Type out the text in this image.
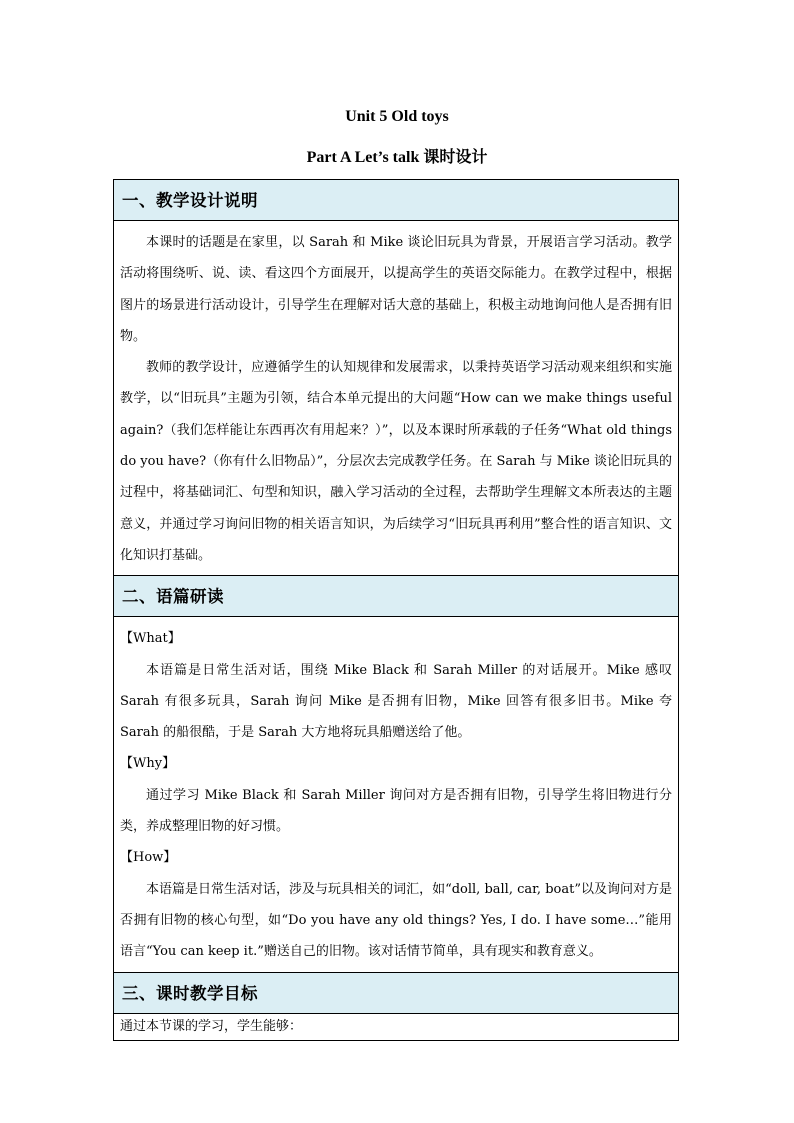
Unit 5 Old toys
Part A Let’s talk 课时设计
一、教学设计说明

本课时的话题是在家里，以 Sarah 和 Mike 谈论旧玩具为背景，开展语言学习活动。教学活动将围绕听、说、读、看这四个方面展开，以提高学生的英语交际能力。在教学过程中，根据图片的场景进行活动设计，引导学生在理解对话大意的基础上，积极主动地询问他人是否拥有旧物。

教师的教学设计，应遵循学生的认知规律和发展需求，以秉持英语学习活动观来组织和实施教学，以“旧玩具”主题为引领，结合本单元提出的大问题“How can we make things useful again?（我们怎样能让东西再次有用起来？）”，以及本课时所承载的子任务“What old things do you have?（你有什么旧物品）”，分层次去完成教学任务。在 Sarah 与 Mike 谈论旧玩具的过程中，将基础词汇、句型和知识，融入学习活动的全过程，去帮助学生理解文本所表达的主题意义，并通过学习询问旧物的相关语言知识，为后续学习“旧玩具再利用”整合性的语言知识、文化知识打基础。

二、语篇研读

【What】

本语篇是日常生活对话，围绕 Mike Black 和 Sarah Miller 的对话展开。Mike 感叹 Sarah 有很多玩具，Sarah 询问 Mike 是否拥有旧物，Mike 回答有很多旧书。Mike 夸 Sarah 的船很酷，于是 Sarah 大方地将玩具船赠送给了他。

【Why】

通过学习 Mike Black 和 Sarah Miller 询问对方是否拥有旧物，引导学生将旧物进行分类，养成整理旧物的好习惯。

【How】

本语篇是日常生活对话，涉及与玩具相关的词汇，如“doll, ball, car, boat”以及询问对方是否拥有旧物的核心句型，如“Do you have any old things? Yes, I do. I have some…”能用语言“You can keep it.”赠送自己的旧物。该对话情节简单，具有现实和教育意义。

三、课时教学目标

通过本节课的学习，学生能够：
